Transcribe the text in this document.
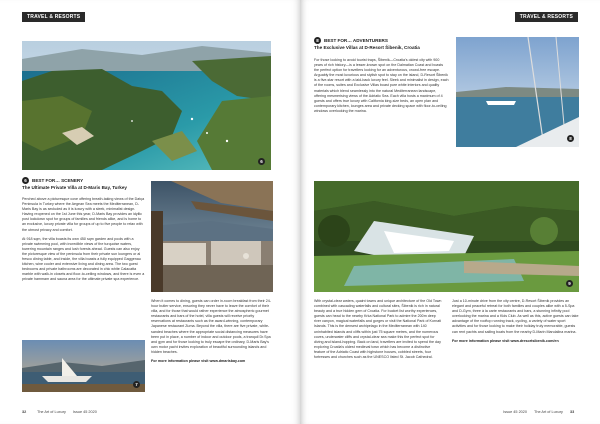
TRAVEL & RESORTS
6
6	BEST FOR… SCENERY
The Ultimate Private Villa at D-Maris Bay, Turkey

Perched above a picturesque cove offering breath-taking views of the Datça Peninsula in Turkey where the Aegean Sea meets the Mediterranean, D-Maris Bay is as secluded as it is luxury with a sleek, minimalist design. Having reopened on the 1st June this year, D-Maris Bay provides an idyllic post lockdown spot for groups of families and friends alike, and is home to an exclusive, luxury private villa for groups of up to five people to relax with the utmost privacy and comfort.

At 918 sqm, the villa boasts its own 450 sqm garden and pools with a private swimming pool, with incredible views of the turquoise waters, towering mountain ranges and lush forests ahead. Guests can also enjoy the picturesque view of the peninsula from their private sun loungers or al fresco dining table, and inside, the villa boasts a fully equipped Gaggenau kitchen, wine cooler and extensive living and dining area. The two guest bedrooms and private bathrooms are decorated in chic white Calacatta marble with walk-in closets and floor-to-ceiling windows, and there is even a private hammam and sauna area for the ultimate private spa experience.

7

When it comes to dining, guests can order in-room breakfast from their 24-hour butler service, ensuring they never have to leave the comfort of their villa, and for those that would rather experience the atmospheric gourmet restaurants and bars of the hotel, villa guests will receive priority reservations at restaurants such as the award-winning, contemporary Japanese restaurant Zuma. Beyond the villa, there are five private, white-sanded beaches where the appropriate social distancing measures have been put in place, a number of indoor and outdoor pools, a tranquil Dr.Spa and gym and for those looking to truly escape the ordinary, D-Maris Bay's own motor yacht invites exploration of beautiful surrounding islands and hidden beaches.

For more information please visit www.dmarisbay.com

32	The Art of Luxury Issue 45 2020
TRAVEL & RESORTS
8	BEST FOR… ADVENTURERS
The Exclusive Villas at D-Resort Šibenik, Croatia

For those looking to avoid tourist traps, Šibenik—Croatia's oldest city with 900 years of rich history—is a lesser-known spot on the Dalmatian Coast and boasts the perfect option for travellers looking for an adventurous, crowd-free escape. Arguably the most luxurious and stylish spot to stay on the island, D-Resort Šibenik is a five-star resort with a laid-back luxury feel. Sleek and minimalist in design, each of the rooms, suites and Exclusive Villas boast pure white interiors and quality materials which blend seamlessly into the natural Mediterranean landscape, offering mesmerising views of the Adriatic Sea. Each villa hosts a maximum of 4 guests and offers true luxury with California king-size beds, an open plan and contemporary kitchen, lounges area and private decking space with floor-to-ceiling windows overlooking the marina.

8
9

With crystal-clear waters, quaint towns and unique architecture of the Old Town combined with cascading waterfalls and cultural sites, Šibenik is rich in natural beauty and a true hidden gem of Croatia. For bucket list worthy experiences, guests can head to the nearby Krka National Park to admire the 200m deep river canyon, magical waterfalls and gorges or visit the National Park of Kornati Islands. This is the densest archipelago in the Mediterranean with 140 uninhabited islands and cliffs within just 75 square metres, and the numerous coves, underwater cliffs and crystal-clear sea make this the perfect spot for diving and island-hopping. Back on land, travellers are invited to spend the day exploring Croatia's oldest medieval town which has become a distinctive feature of the Adriatic Coast with highstone houses, cobbled streets, four fortresses and churches such as the UNESCO listed St. Jacob Cathedral.

Just a 10-minute drive from the city centre, D-Resort Šibenik provides an elegant and peaceful retreat for both families and couples alike with a 5-Spa and D-Gym, three à la carte restaurants and bars, a stunning infinity pool overlooking the marina and a Kids Club. As well as this, active guests can take advantage of the rooftop running track, cycling, a variety of water sport activities and for those looking to make their holiday truly memorable, guests can rent yachts and sailing boats from the nearby D-Marin Mandalina marina.

For more information please visit www.dresortsibenik.com/en

Issue 45 2020 The Art of Luxury 33
